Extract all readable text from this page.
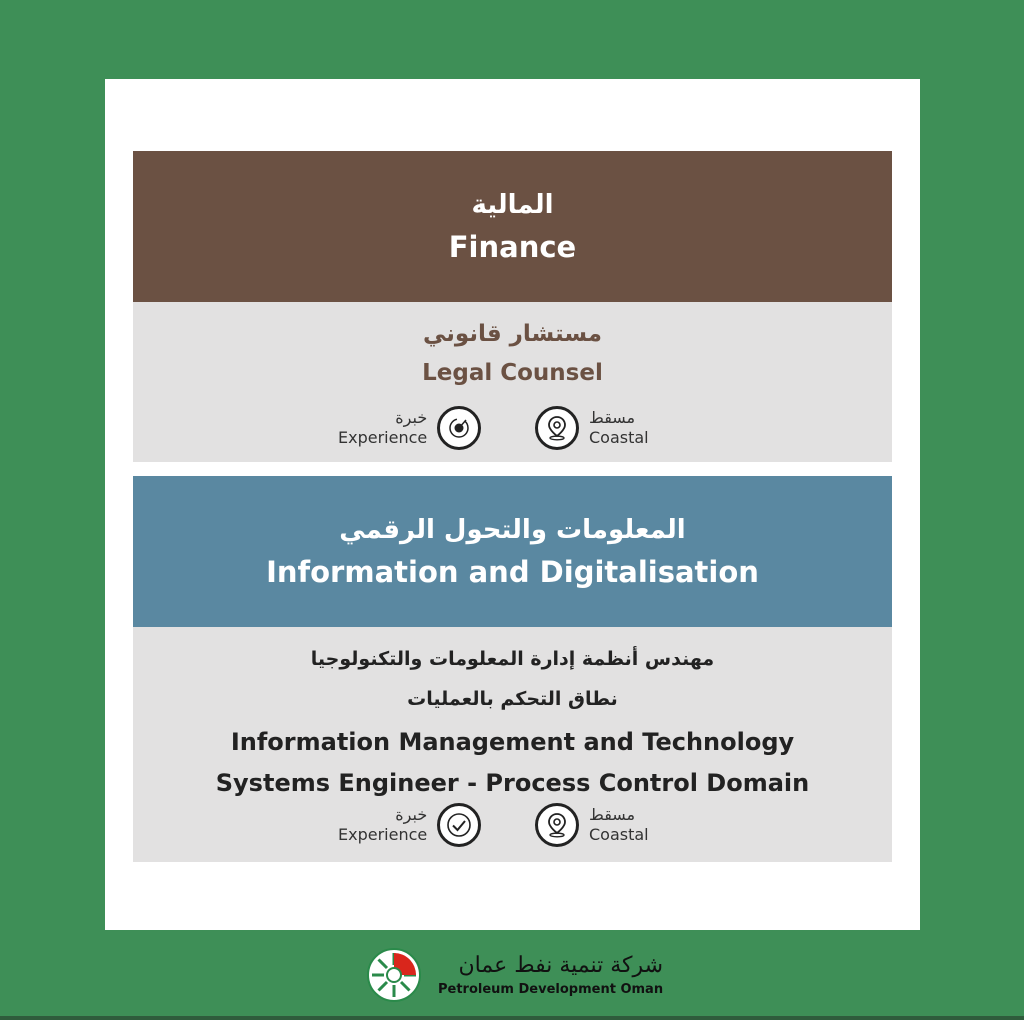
المالية
Finance
مستشار قانوني
Legal Counsel
خبرة
Experience
مسقط
Coastal
المعلومات والتحول الرقمي
Information and Digitalisation
مهندس أنظمة إدارة المعلومات والتكنولوجيا
نطاق التحكم بالعمليات
Information Management and Technology
Systems Engineer - Process Control Domain
خبرة
Experience
مسقط
Coastal
شركة تنمية نفط عمان
Petroleum Development Oman
